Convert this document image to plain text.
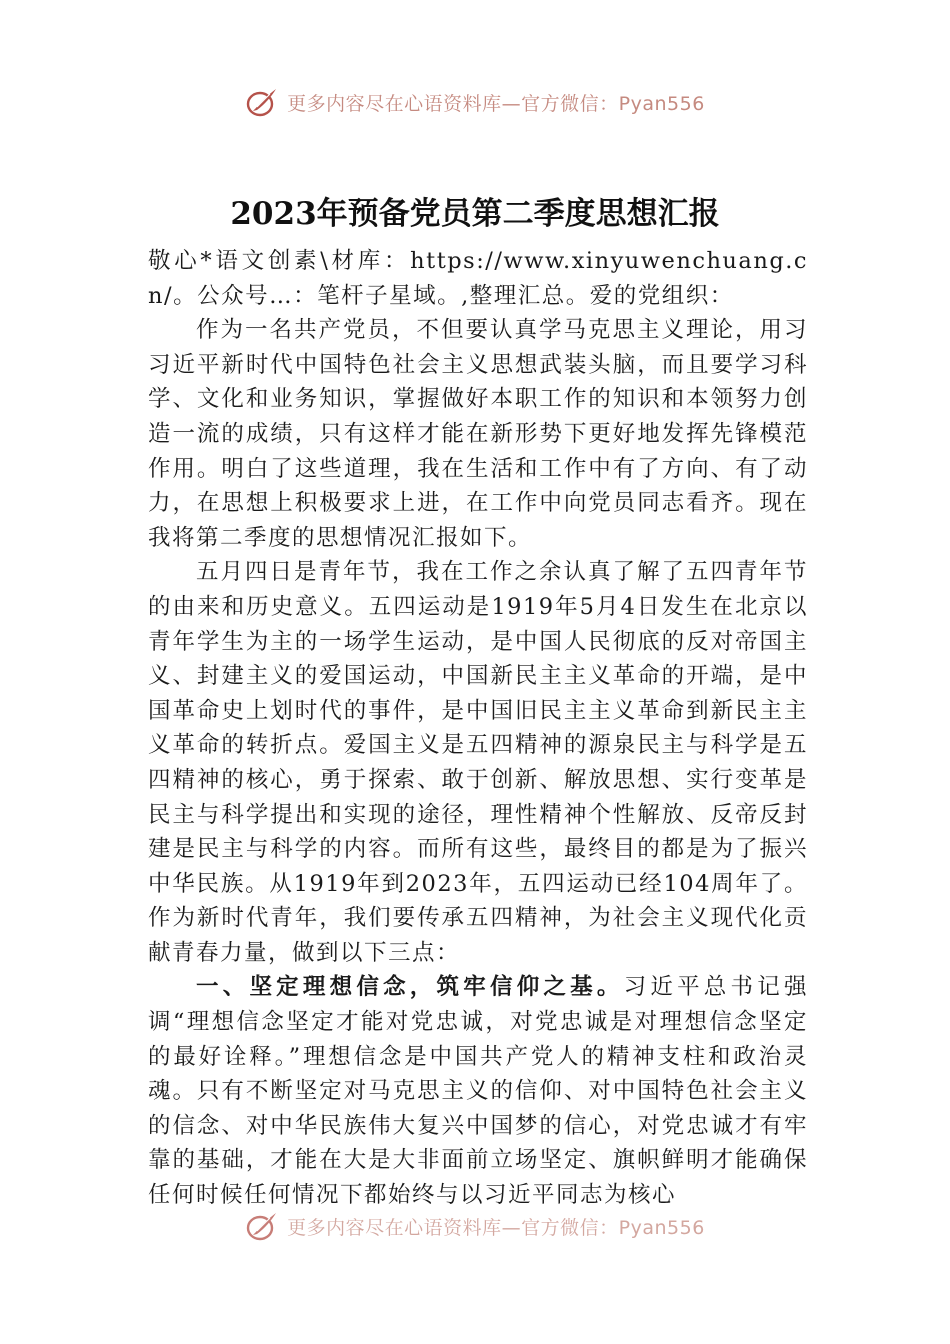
更多内容尽在心语资料库—官方微信：Pyan556
2023年预备党员第二季度思想汇报

敬心*语文创素\材库：https://www.xinyuwenchuang.cn/。公众号…：笔杆子星域。,整理汇总。爱的党组织：

作为一名共产党员，不但要认真学马克思主义理论，用习习近平新时代中国特色社会主义思想武装头脑，而且要学习科学、文化和业务知识，掌握做好本职工作的知识和本领努力创造一流的成绩，只有这样才能在新形势下更好地发挥先锋模范作用。明白了这些道理，我在生活和工作中有了方向、有了动力，在思想上积极要求上进，在工作中向党员同志看齐。现在我将第二季度的思想情况汇报如下。

五月四日是青年节，我在工作之余认真了解了五四青年节的由来和历史意义。五四运动是1919年5月4日发生在北京以青年学生为主的一场学生运动，是中国人民彻底的反对帝国主义、封建主义的爱国运动，中国新民主主义革命的开端，是中国革命史上划时代的事件，是中国旧民主主义革命到新民主主义革命的转折点。爱国主义是五四精神的源泉民主与科学是五四精神的核心，勇于探索、敢于创新、解放思想、实行变革是民主与科学提出和实现的途径，理性精神个性解放、反帝反封建是民主与科学的内容。而所有这些，最终目的都是为了振兴中华民族。从1919年到2023年，五四运动已经104周年了。作为新时代青年，我们要传承五四精神，为社会主义现代化贡献青春力量，做到以下三点：

一、坚定理想信念，筑牢信仰之基。习近平总书记强调“理想信念坚定才能对党忠诚，对党忠诚是对理想信念坚定的最好诠释。”理想信念是中国共产党人的精神支柱和政治灵魂。只有不断坚定对马克思主义的信仰、对中国特色社会主义的信念、对中华民族伟大复兴中国梦的信心，对党忠诚才有牢靠的基础，才能在大是大非面前立场坚定、旗帜鲜明才能确保任何时候任何情况下都始终与以习近平同志为核心

更多内容尽在心语资料库—官方微信：Pyan556
